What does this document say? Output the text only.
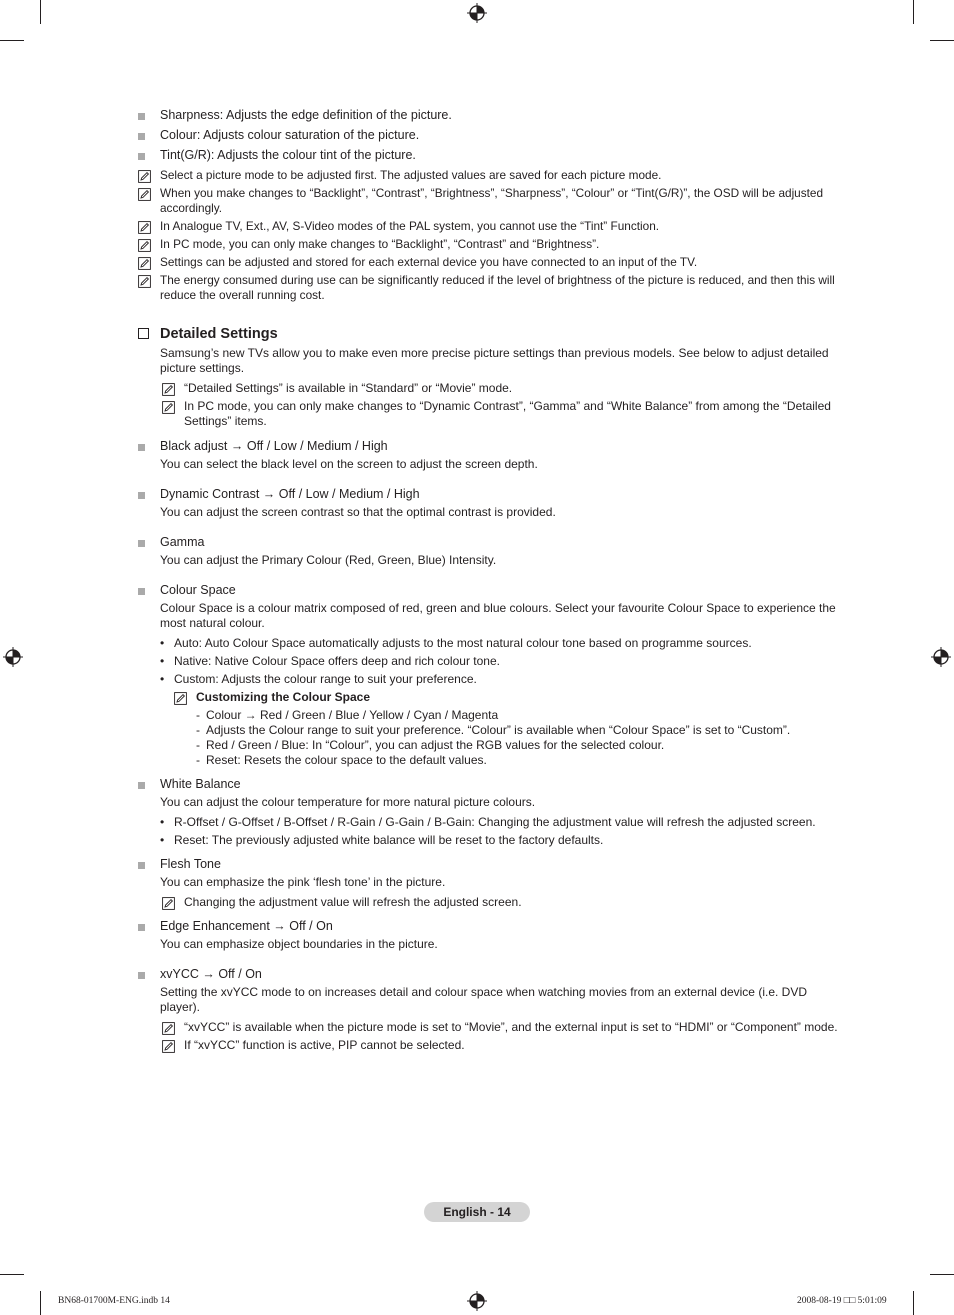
Sharpness: Adjusts the edge definition of the picture.
Colour: Adjusts colour saturation of the picture.
Tint(G/R): Adjusts the colour tint of the picture.
Select a picture mode to be adjusted first. The adjusted values are saved for each picture mode.
When you make changes to “Backlight”, “Contrast”, “Brightness”, “Sharpness”, “Colour” or “Tint(G/R)”, the OSD will be adjusted accordingly.
In Analogue TV, Ext., AV, S-Video modes of the PAL system, you cannot use the “Tint” Function.
In PC mode, you can only make changes to “Backlight”, “Contrast” and “Brightness”.
Settings can be adjusted and stored for each external device you have connected to an input of the TV.
The energy consumed during use can be significantly reduced if the level of brightness of the picture is reduced, and then this will reduce the overall running cost.
Detailed Settings
Samsung’s new TVs allow you to make even more precise picture settings than previous models. See below to adjust detailed picture settings.
“Detailed Settings” is available in “Standard” or “Movie” mode.
In PC mode, you can only make changes to “Dynamic Contrast”, “Gamma” and “White Balance” from among the “Detailed Settings” items.
Black adjust → Off / Low / Medium / High
You can select the black level on the screen to adjust the screen depth.
Dynamic Contrast → Off / Low / Medium / High
You can adjust the screen contrast so that the optimal contrast is provided.
Gamma
You can adjust the Primary Colour (Red, Green, Blue) Intensity.
Colour Space
Colour Space is a colour matrix composed of red, green and blue colours. Select your favourite Colour Space to experience the most natural colour.
• Auto: Auto Colour Space automatically adjusts to the most natural colour tone based on programme sources.
• Native: Native Colour Space offers deep and rich colour tone.
• Custom: Adjusts the colour range to suit your preference.
Customizing the Colour Space
- Colour → Red / Green / Blue / Yellow / Cyan / Magenta
- Adjusts the Colour range to suit your preference. “Colour” is available when “Colour Space” is set to “Custom”.
- Red / Green / Blue: In “Colour”, you can adjust the RGB values for the selected colour.
- Reset: Resets the colour space to the default values.
White Balance
You can adjust the colour temperature for more natural picture colours.
• R-Offset / G-Offset / B-Offset / R-Gain / G-Gain / B-Gain: Changing the adjustment value will refresh the adjusted screen.
• Reset: The previously adjusted white balance will be reset to the factory defaults.
Flesh Tone
You can emphasize the pink ‘flesh tone’ in the picture.
Changing the adjustment value will refresh the adjusted screen.
Edge Enhancement → Off / On
You can emphasize object boundaries in the picture.
xvYCC → Off / On
Setting the xvYCC mode to on increases detail and colour space when watching movies from an external device (i.e. DVD player).
“xvYCC” is available when the picture mode is set to “Movie”, and the external input is set to “HDMI” or “Component” mode.
If “xvYCC” function is active, PIP cannot be selected.
English - 14
BN68-01700M-ENG.indb 14	2008-08-19 □□ 5:01:09
